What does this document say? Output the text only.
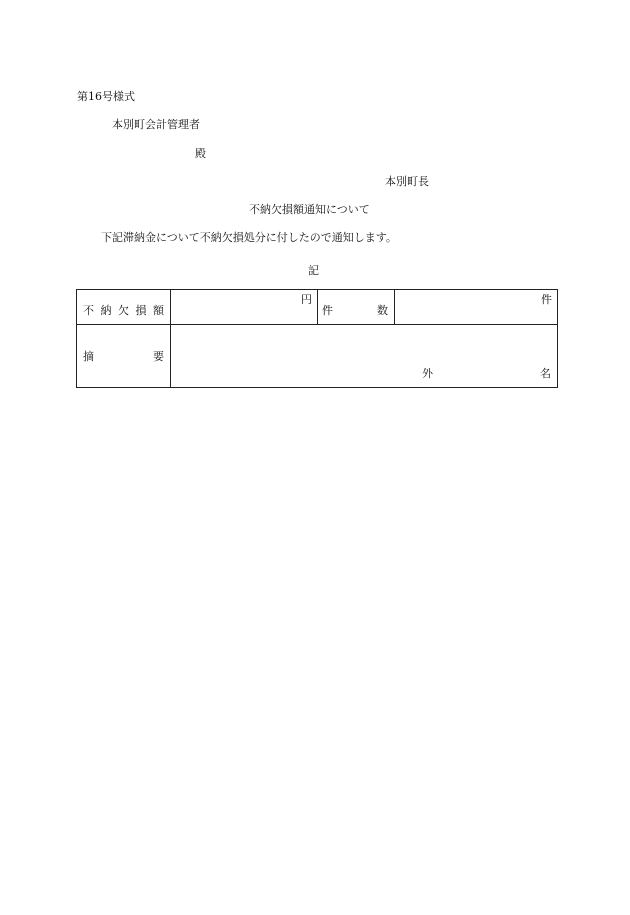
第16号様式
本別町会計管理者
殿
本別町長
不納欠損額通知について
下記滞納金について不納欠損処分に付したので通知します。
記
不 納 欠 損 額	円	件 数	件

摘 要	外 名		
